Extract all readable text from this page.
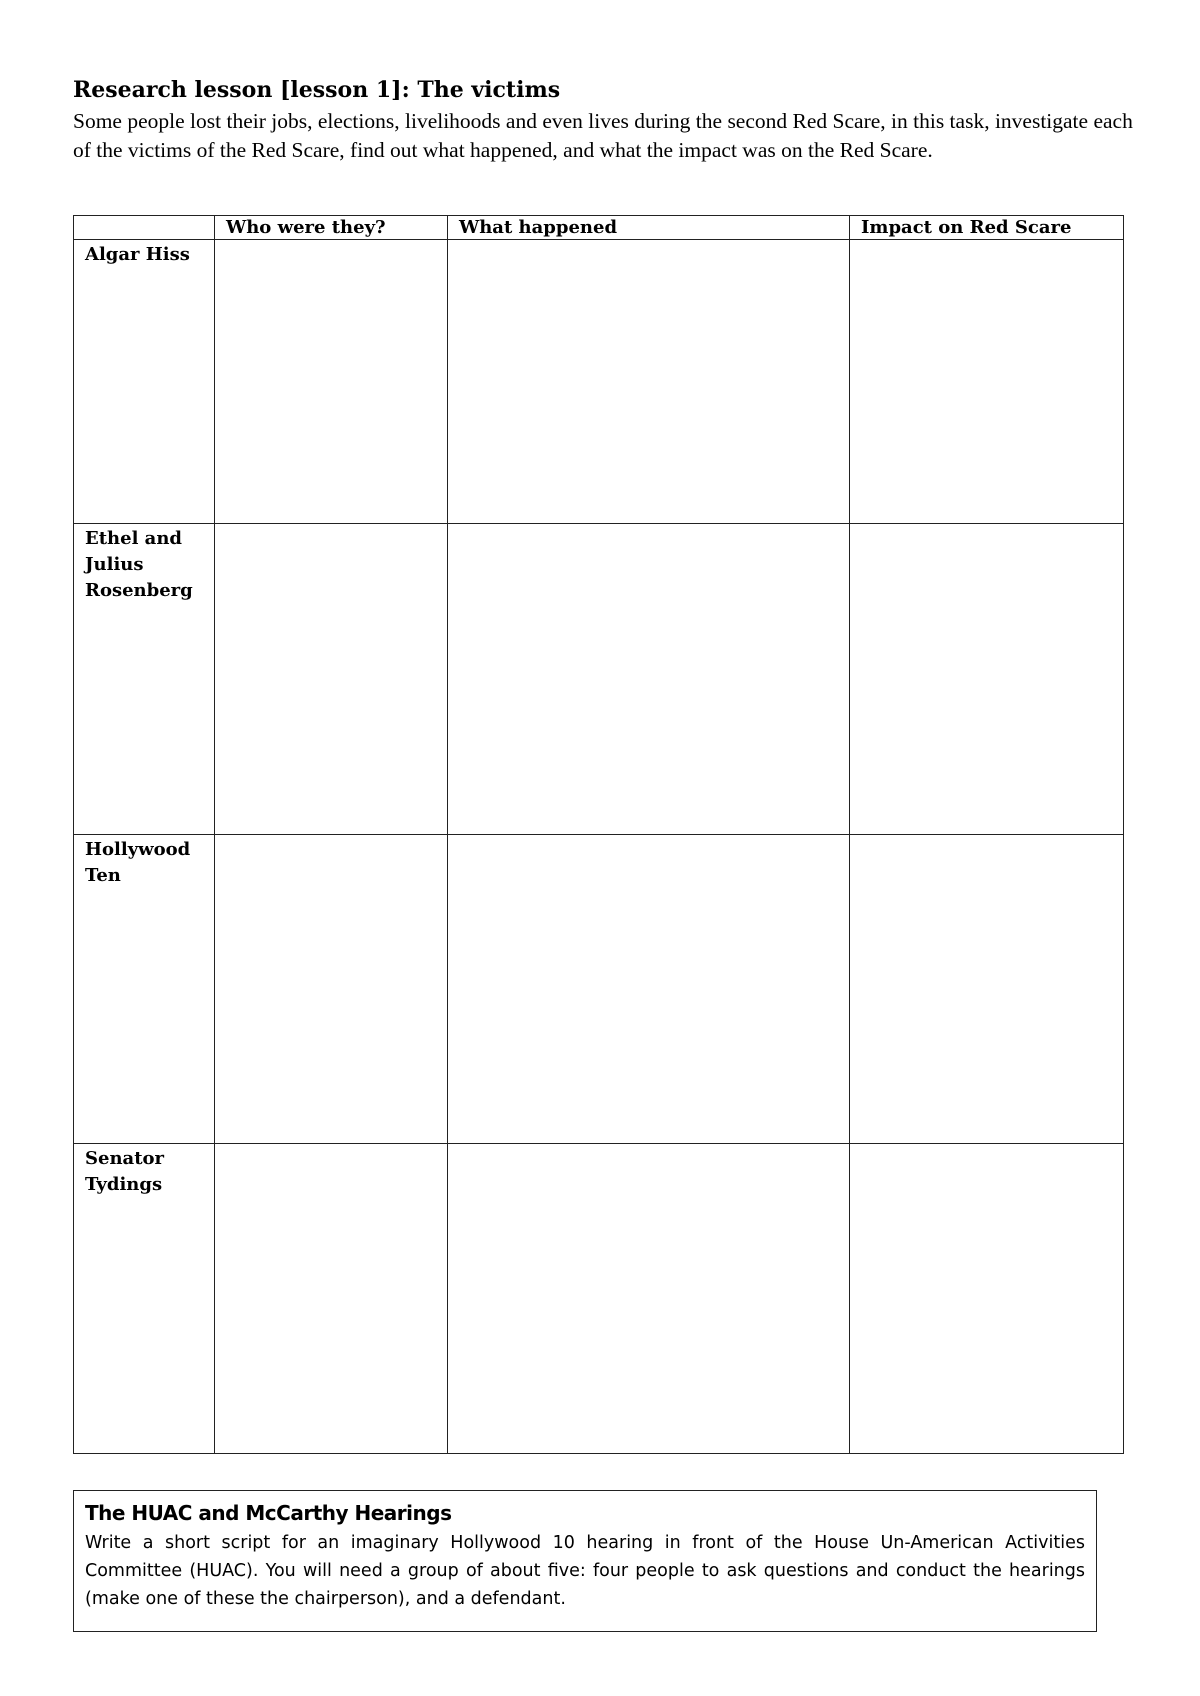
Research lesson [lesson 1]: The victims

Some people lost their jobs, elections, livelihoods and even lives during the second Red Scare, in this task, investigate each of the victims of the Red Scare, find out what happened, and what the impact was on the Red Scare.

	Who were they?	What happened	Impact on Red Scare
Algar Hiss			
Ethel and Julius Rosenberg			
Hollywood Ten			
Senator Tydings			

The HUAC and McCarthy Hearings

Write a short script for an imaginary Hollywood 10 hearing in front of the House Un-American Activities Committee (HUAC). You will need a group of about five: four people to ask questions and conduct the hearings (make one of these the chairperson), and a defendant.
